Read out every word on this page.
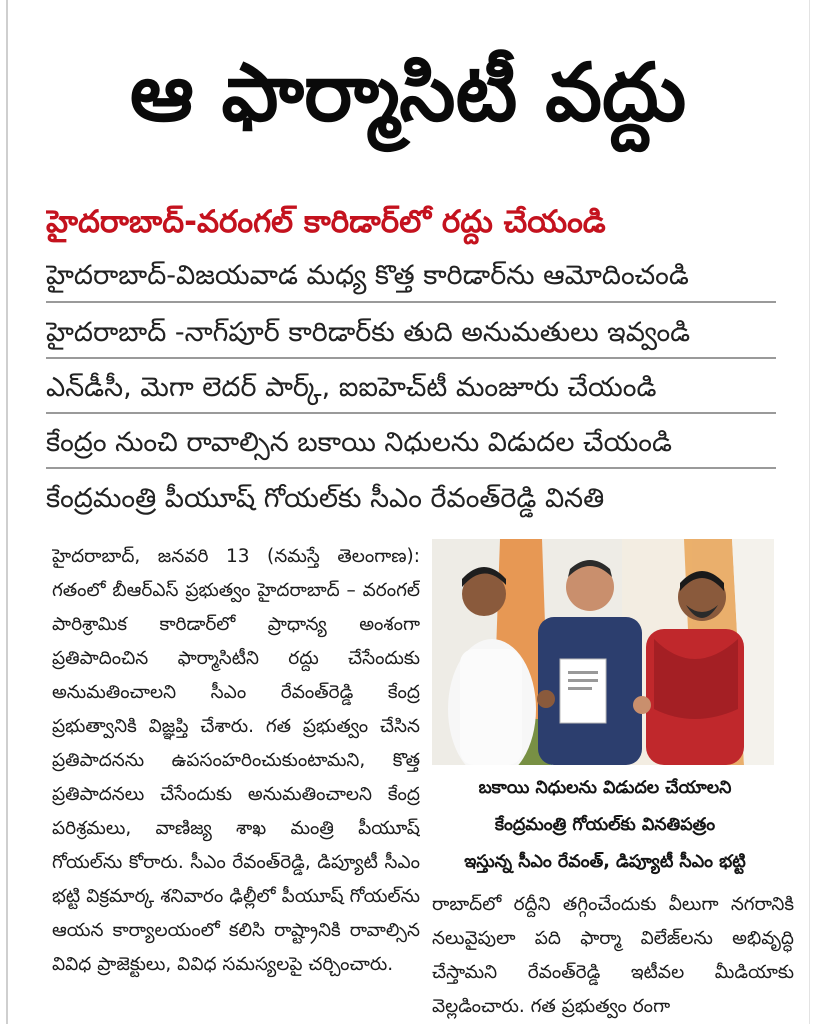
ఆ ఫార్మాసిటీ వద్దు
హైదరాబాద్-వరంగల్ కారిడార్‌లో రద్దు చేయండి
హైదరాబాద్-విజయవాడ మధ్య కొత్త కారిడార్‌ను ఆమోదించండి
హైదరాబాద్ -నాగ్‌పూర్ కారిడార్‌కు తుది అనుమతులు ఇవ్వండి
ఎన్‌డీసీ, మెగా లెదర్ పార్క్, ఐఐహెచ్‌టీ మంజూరు చేయండి
కేంద్రం నుంచి రావాల్సిన బకాయి నిధులను విడుదల చేయండి
కేంద్రమంత్రి పీయూష్ గోయల్‌కు సీఎం రేవంత్‌రెడ్డి వినతి
హైదరాబాద్, జనవరి 13 (నమస్తే తెలంగాణ): గతంలో బీఆర్‌ఎస్ ప్రభుత్వం హైదరాబాద్ – వరంగల్ పారిశ్రామిక కారిడార్‌లో ప్రాధాన్య అంశంగా ప్రతిపాదించిన ఫార్మాసిటీని రద్దు చేసేందుకు అనుమతించాలని సీఎం రేవంత్‌రెడ్డి కేంద్ర ప్రభుత్వానికి విజ్ఞప్తి చేశారు. గత ప్రభుత్వం చేసిన ప్రతిపాదనను ఉపసంహరించుకుంటామని, కొత్త ప్రతిపాదనలు చేసేందుకు అనుమతించాలని కేంద్ర పరిశ్రమలు, వాణిజ్య శాఖ మంత్రి పీయూష్ గోయల్‌ను కోరారు. సీఎం రేవంత్‌రెడ్డి, డిప్యూటీ సీఎం భట్టి విక్రమార్క శనివారం ఢిల్లీలో పీయూష్ గోయల్‌ను ఆయన కార్యాలయంలో కలిసి రాష్ట్రానికి రావాల్సిన వివిధ ప్రాజెక్టులు, వివిధ సమస్యలపై చర్చించారు.
బకాయి నిధులను విడుదల చేయాలని
కేంద్రమంత్రి గోయల్‌కు వినతిపత్రం
ఇస్తున్న సీఎం రేవంత్, డిప్యూటీ సీఎం భట్టి
రాబాద్‌లో రద్దీని తగ్గించేందుకు వీలుగా నగరానికి నలువైపులా పది ఫార్మా విలేజ్‌లను అభివృద్ధి చేస్తామని రేవంత్‌రెడ్డి ఇటీవల మీడియాకు వెల్లడించారు. గత ప్రభుత్వం రంగా
